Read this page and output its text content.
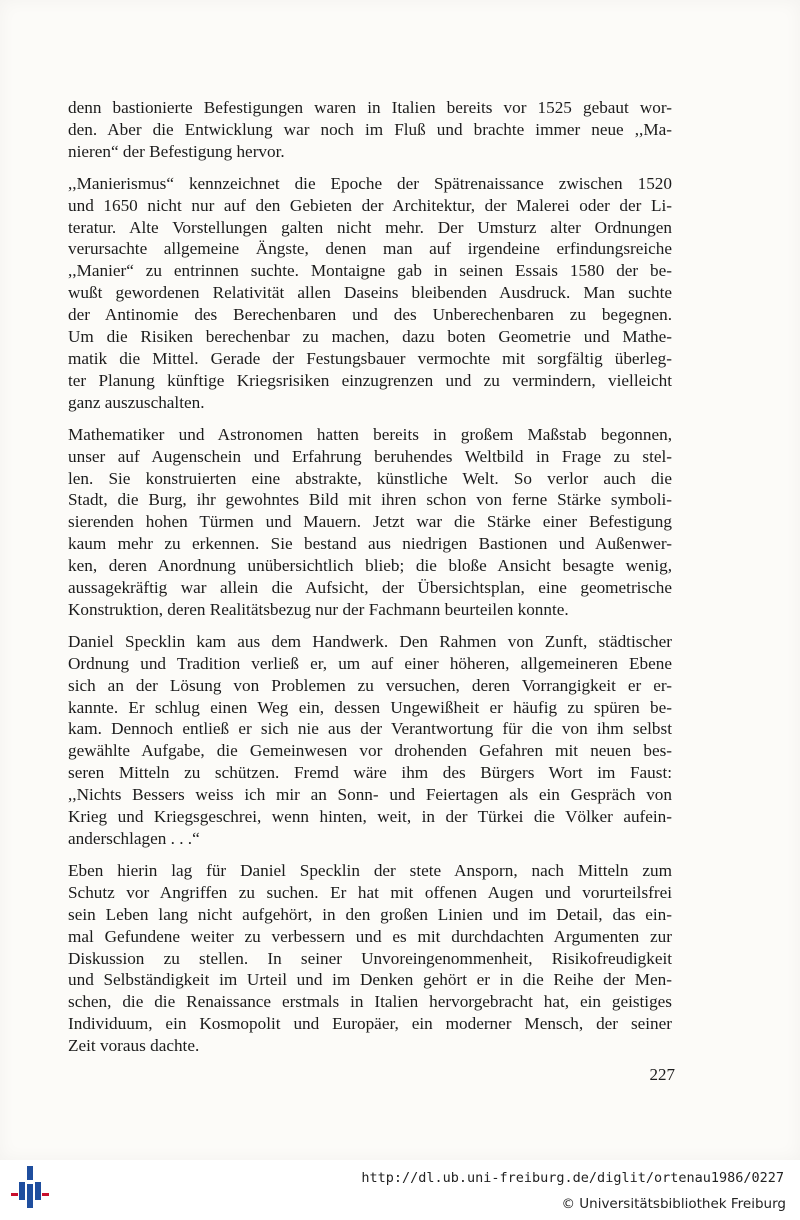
denn bastionierte Befestigungen waren in Italien bereits vor 1525 gebaut wor-
den. Aber die Entwicklung war noch im Fluß und brachte immer neue ,,Ma-
nieren“ der Befestigung hervor.

,,Manierismus“ kennzeichnet die Epoche der Spätrenaissance zwischen 1520
und 1650 nicht nur auf den Gebieten der Architektur, der Malerei oder der Li-
teratur. Alte Vorstellungen galten nicht mehr. Der Umsturz alter Ordnungen
verursachte allgemeine Ängste, denen man auf irgendeine erfindungsreiche
,,Manier“ zu entrinnen suchte. Montaigne gab in seinen Essais 1580 der be-
wußt gewordenen Relativität allen Daseins bleibenden Ausdruck. Man suchte
der Antinomie des Berechenbaren und des Unberechenbaren zu begegnen.
Um die Risiken berechenbar zu machen, dazu boten Geometrie und Mathe-
matik die Mittel. Gerade der Festungsbauer vermochte mit sorgfältig überleg-
ter Planung künftige Kriegsrisiken einzugrenzen und zu vermindern, vielleicht
ganz auszuschalten.

Mathematiker und Astronomen hatten bereits in großem Maßstab begonnen,
unser auf Augenschein und Erfahrung beruhendes Weltbild in Frage zu stel-
len. Sie konstruierten eine abstrakte, künstliche Welt. So verlor auch die
Stadt, die Burg, ihr gewohntes Bild mit ihren schon von ferne Stärke symboli-
sierenden hohen Türmen und Mauern. Jetzt war die Stärke einer Befestigung
kaum mehr zu erkennen. Sie bestand aus niedrigen Bastionen und Außenwer-
ken, deren Anordnung unübersichtlich blieb; die bloße Ansicht besagte wenig,
aussagekräftig war allein die Aufsicht, der Übersichtsplan, eine geometrische
Konstruktion, deren Realitätsbezug nur der Fachmann beurteilen konnte.

Daniel Specklin kam aus dem Handwerk. Den Rahmen von Zunft, städtischer
Ordnung und Tradition verließ er, um auf einer höheren, allgemeineren Ebene
sich an der Lösung von Problemen zu versuchen, deren Vorrangigkeit er er-
kannte. Er schlug einen Weg ein, dessen Ungewißheit er häufig zu spüren be-
kam. Dennoch entließ er sich nie aus der Verantwortung für die von ihm selbst
gewählte Aufgabe, die Gemeinwesen vor drohenden Gefahren mit neuen bes-
seren Mitteln zu schützen. Fremd wäre ihm des Bürgers Wort im Faust:
,,Nichts Bessers weiss ich mir an Sonn- und Feiertagen als ein Gespräch von
Krieg und Kriegsgeschrei, wenn hinten, weit, in der Türkei die Völker aufein-
anderschlagen . . .“

Eben hierin lag für Daniel Specklin der stete Ansporn, nach Mitteln zum
Schutz vor Angriffen zu suchen. Er hat mit offenen Augen und vorurteilsfrei
sein Leben lang nicht aufgehört, in den großen Linien und im Detail, das ein-
mal Gefundene weiter zu verbessern und es mit durchdachten Argumenten zur
Diskussion zu stellen. In seiner Unvoreingenommenheit, Risikofreudigkeit
und Selbständigkeit im Urteil und im Denken gehört er in die Reihe der Men-
schen, die die Renaissance erstmals in Italien hervorgebracht hat, ein geistiges
Individuum, ein Kosmopolit und Europäer, ein moderner Mensch, der seiner
Zeit voraus dachte.

227
http://dl.ub.uni-freiburg.de/diglit/ortenau1986/0227
© Universitätsbibliothek Freiburg
